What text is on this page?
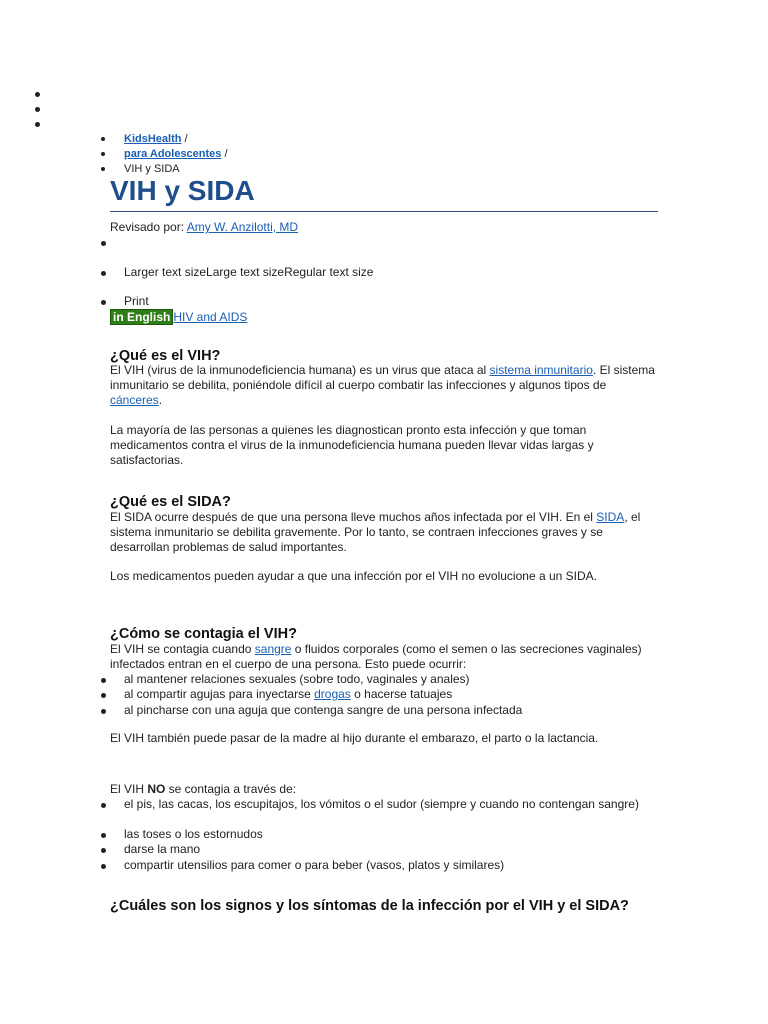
KidsHealth /
para Adolescentes /
VIH y SIDA
VIH y SIDA
Revisado por: Amy W. Anzilotti, MD
Larger text sizeLarge text sizeRegular text size
Print
in English HIV and AIDS
¿Qué es el VIH?

El VIH (virus de la inmunodeficiencia humana) es un virus que ataca al sistema inmunitario. El sistema inmunitario se debilita, poniéndole difícil al cuerpo combatir las infecciones y algunos tipos de cánceres.

La mayoría de las personas a quienes les diagnostican pronto esta infección y que toman medicamentos contra el virus de la inmunodeficiencia humana pueden llevar vidas largas y satisfactorias.

¿Qué es el SIDA?

El SIDA ocurre después de que una persona lleve muchos años infectada por el VIH. En el SIDA, el sistema inmunitario se debilita gravemente. Por lo tanto, se contraen infecciones graves y se desarrollan problemas de salud importantes.

Los medicamentos pueden ayudar a que una infección por el VIH no evolucione a un SIDA.

¿Cómo se contagia el VIH?

El VIH se contagia cuando sangre o fluidos corporales (como el semen o las secreciones vaginales) infectados entran en el cuerpo de una persona. Esto puede ocurrir:

al mantener relaciones sexuales (sobre todo, vaginales y anales)
al compartir agujas para inyectarse drogas o hacerse tatuajes
al pincharse con una aguja que contenga sangre de una persona infectada

El VIH también puede pasar de la madre al hijo durante el embarazo, el parto o la lactancia.

El VIH NO se contagia a través de:

el pis, las cacas, los escupitajos, los vómitos o el sudor (siempre y cuando no contengan sangre)
las toses o los estornudos
darse la mano
compartir utensilios para comer o para beber (vasos, platos y similares)
¿Cuáles son los signos y los síntomas de la infección por el VIH y el SIDA?
